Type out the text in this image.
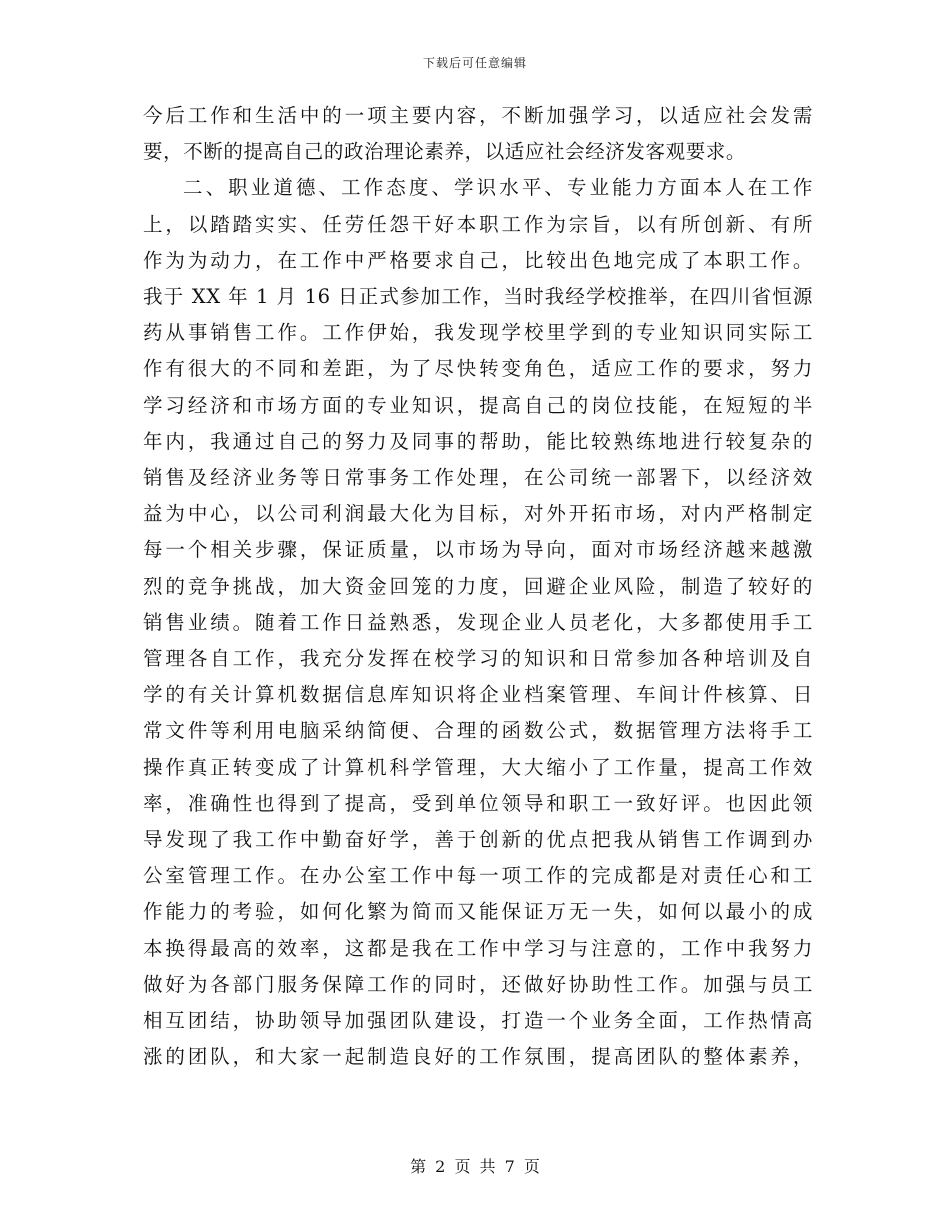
下载后可任意编辑
今后工作和生活中的一项主要内容，不断加强学习，以适应社会发需
要，不断的提高自己的政治理论素养，以适应社会经济发客观要求。
二、职业道德、工作态度、学识水平、专业能力方面本人在工作
上，以踏踏实实、任劳任怨干好本职工作为宗旨，以有所创新、有所
作为为动力，在工作中严格要求自己，比较出色地完成了本职工作。
我于 XX 年 1 月 16 日正式参加工作，当时我经学校推举，在四川省恒源
药从事销售工作。工作伊始，我发现学校里学到的专业知识同实际工
作有很大的不同和差距，为了尽快转变角色，适应工作的要求，努力
学习经济和市场方面的专业知识，提高自己的岗位技能，在短短的半
年内，我通过自己的努力及同事的帮助，能比较熟练地进行较复杂的
销售及经济业务等日常事务工作处理，在公司统一部署下，以经济效
益为中心，以公司利润最大化为目标，对外开拓市场，对内严格制定
每一个相关步骤，保证质量，以市场为导向，面对市场经济越来越激
烈的竞争挑战，加大资金回笼的力度，回避企业风险，制造了较好的
销售业绩。随着工作日益熟悉，发现企业人员老化，大多都使用手工
管理各自工作，我充分发挥在校学习的知识和日常参加各种培训及自
学的有关计算机数据信息库知识将企业档案管理、车间计件核算、日
常文件等利用电脑采纳简便、合理的函数公式，数据管理方法将手工
操作真正转变成了计算机科学管理，大大缩小了工作量，提高工作效
率，准确性也得到了提高，受到单位领导和职工一致好评。也因此领
导发现了我工作中勤奋好学，善于创新的优点把我从销售工作调到办
公室管理工作。在办公室工作中每一项工作的完成都是对责任心和工
作能力的考验，如何化繁为简而又能保证万无一失，如何以最小的成
本换得最高的效率，这都是我在工作中学习与注意的，工作中我努力
做好为各部门服务保障工作的同时，还做好协助性工作。加强与员工
相互团结，协助领导加强团队建设，打造一个业务全面，工作热情高
涨的团队，和大家一起制造良好的工作氛围，提高团队的整体素养，
第 2 页 共 7 页
